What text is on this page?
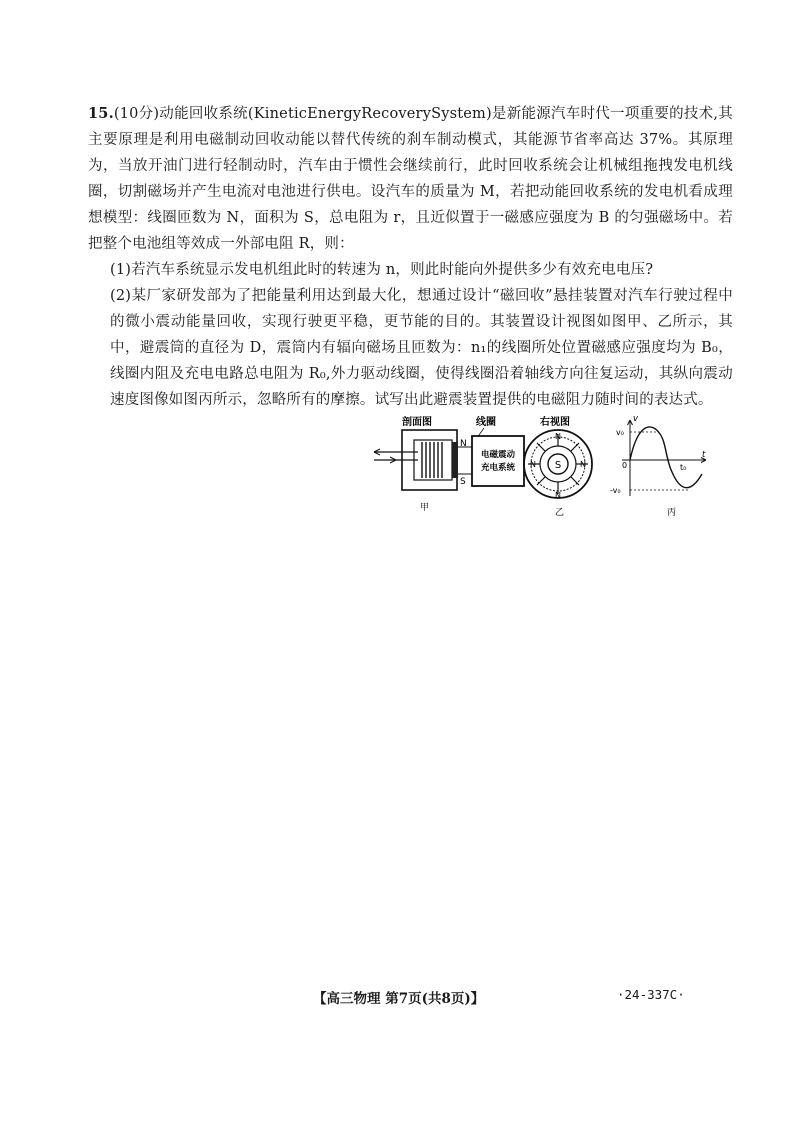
15.(10分)动能回收系统(KineticEnergyRecoverySystem)是新能源汽车时代一项重要的技术,其主要原理是利用电磁制动回收动能以替代传统的刹车制动模式，其能源节省率高达 37%。其原理为，当放开油门进行轻制动时，汽车由于惯性会继续前行，此时回收系统会让机械组拖拽发电机线圈，切割磁场并产生电流对电池进行供电。设汽车的质量为 M，若把动能回收系统的发电机看成理想模型：线圈匝数为 N，面积为 S，总电阻为 r，且近似置于一磁感应强度为 B 的匀强磁场中。若把整个电池组等效成一外部电阻 R，则：

(1)若汽车系统显示发电机组此时的转速为 n，则此时能向外提供多少有效充电电压?

(2)某厂家研发部为了把能量利用达到最大化，想通过设计“磁回收”悬挂装置对汽车行驶过程中的微小震动能量回收，实现行驶更平稳，更节能的目的。其装置设计视图如图甲、乙所示，其中，避震筒的直径为 D，震筒内有辐向磁场且匝数为：n₁的线圈所处位置磁感应强度均为 B₀，线圈内阻及充电电路总电阻为 R₀,外力驱动线圈，使得线圈沿着轴线方向往复运动，其纵向震动速度图像如图丙所示，忽略所有的摩擦。试写出此避震装置提供的电磁阻力随时间的表达式。

剖面图	线圈	右视图
N
S
电磁震动
充电系统
甲
S
N
N
N	N
乙
v
t
0
v₀
-v₀
t₀
丙
【高三物理 第7页(共8页)】	·24-337C·
